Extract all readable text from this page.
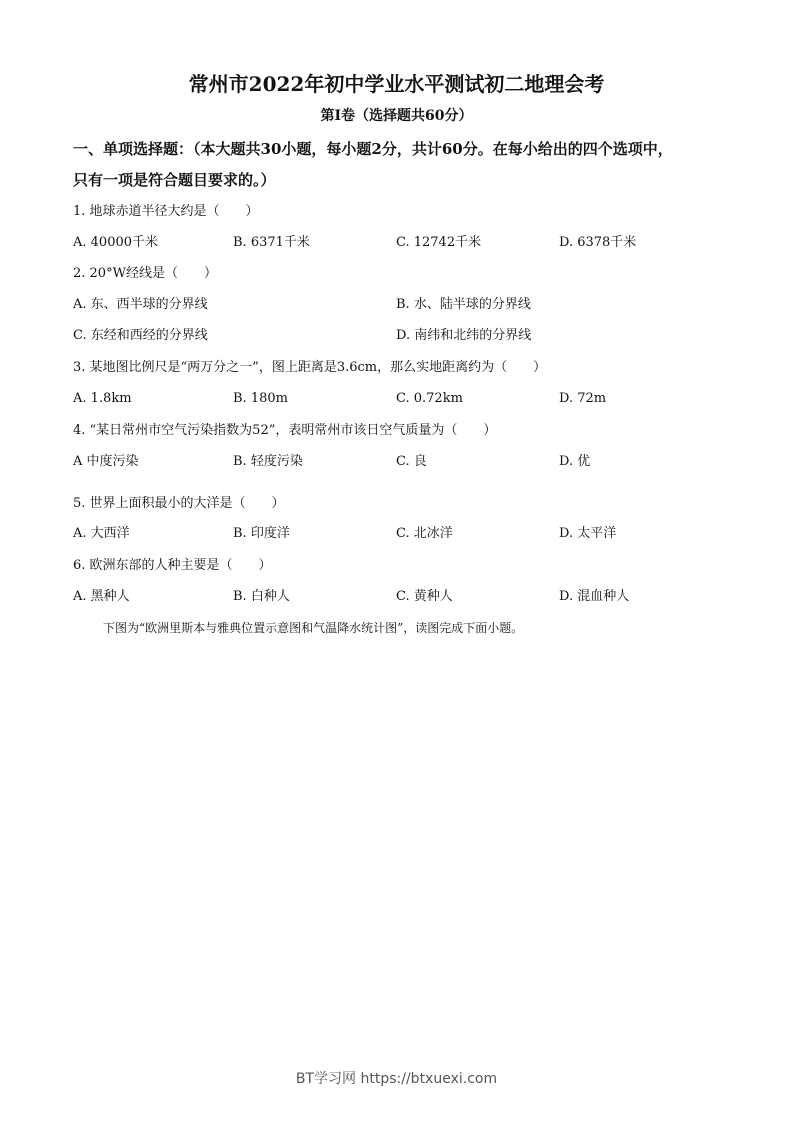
常州市2022年初中学业水平测试初二地理会考
第Ⅰ卷（选择题共60分）
一、单项选择题：（本大题共30小题，每小题2分，共计60分。在每小给出的四个选项中，
只有一项是符合题目要求的。）
1. 地球赤道半径大约是（　　）
A. 40000千米	B. 6371千米	C. 12742千米	D. 6378千米
2. 20°W经线是（　　）
A. 东、西半球的分界线	B. 水、陆半球的分界线
C. 东经和西经的分界线	D. 南纬和北纬的分界线
3. 某地图比例尺是“两万分之一”，图上距离是3.6cm，那么实地距离约为（　　）
A. 1.8km	B. 180m	C. 0.72km	D. 72m
4. “某日常州市空气污染指数为52”，表明常州市该日空气质量为（　　）
A 中度污染	B. 轻度污染	C. 良	D. 优
5. 世界上面积最小的大洋是（　　）
A. 大西洋	B. 印度洋	C. 北冰洋	D. 太平洋
6. 欧洲东部的人种主要是（　　）
A. 黑种人	B. 白种人	C. 黄种人	D. 混血种人
下图为“欧洲里斯本与雅典位置示意图和气温降水统计图”，读图完成下面小题。
BT学习网 https://btxuexi.com
